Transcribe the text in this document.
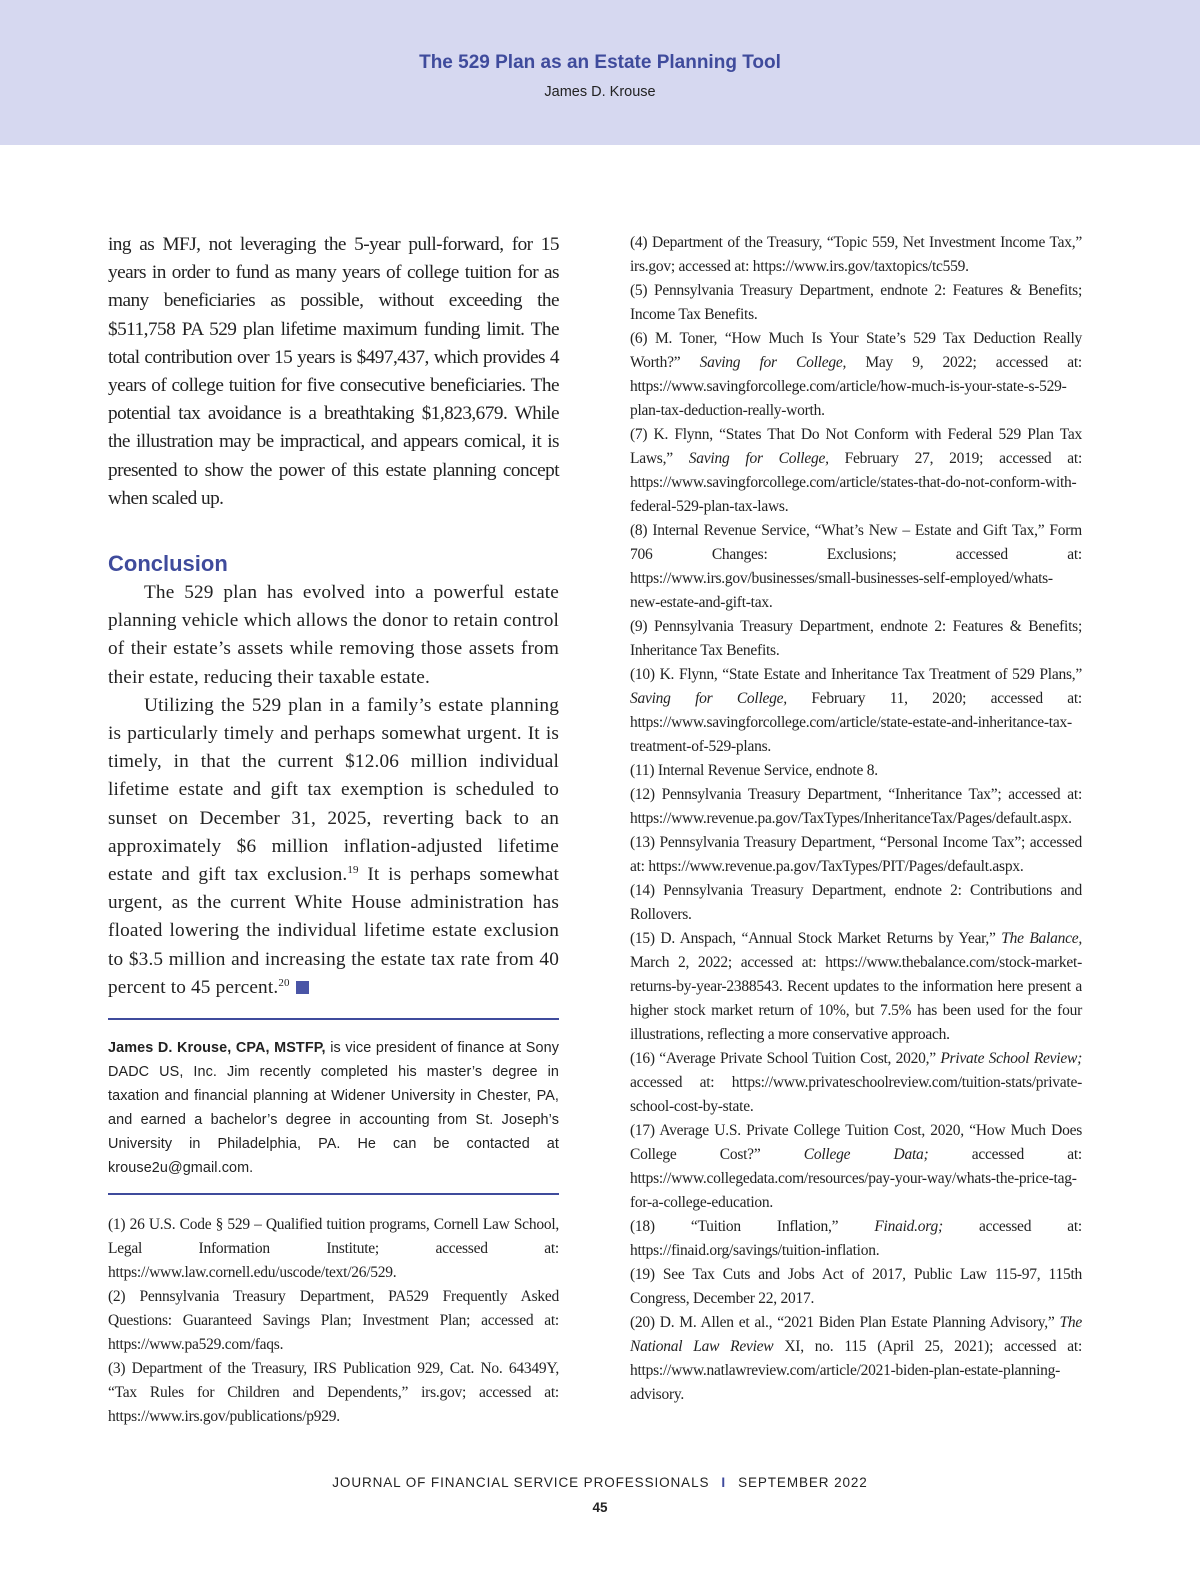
The 529 Plan as an Estate Planning Tool
James D. Krouse

ing as MFJ, not leveraging the 5-year pull-forward, for 15 years in order to fund as many years of college tuition for as many beneficiaries as possible, without exceeding the $511,758 PA 529 plan lifetime maximum funding limit. The total contribution over 15 years is $497,437, which provides 4 years of college tuition for five consecutive beneficiaries. The potential tax avoidance is a breathtaking $1,823,679. While the illustration may be impractical, and appears comical, it is presented to show the power of this estate planning concept when scaled up.

Conclusion

The 529 plan has evolved into a powerful estate planning vehicle which allows the donor to retain control of their estate’s assets while removing those assets from their estate, reducing their taxable estate.

Utilizing the 529 plan in a family’s estate planning is particularly timely and perhaps somewhat urgent. It is timely, in that the current $12.06 million individual lifetime estate and gift tax exemption is scheduled to sunset on December 31, 2025, reverting back to an approximately $6 million inflation-adjusted lifetime estate and gift tax exclusion.$^{19}$ It is perhaps somewhat urgent, as the current White House administration has floated lowering the individual lifetime estate exclusion to $3.5 million and increasing the estate tax rate from 40 percent to 45 percent.$^{20}$

James D. Krouse, CPA, MSTFP, is vice president of finance at Sony DADC US, Inc. Jim recently completed his master’s degree in taxation and financial planning at Widener University in Chester, PA, and earned a bachelor’s degree in accounting from St. Joseph’s University in Philadelphia, PA. He can be contacted at krouse2u@gmail.com.

(1) 26 U.S. Code § 529 – Qualified tuition programs, Cornell Law School, Legal Information Institute; accessed at: https://www.law.cornell.edu/uscode/text/26/529.

(2) Pennsylvania Treasury Department, PA529 Frequently Asked Questions: Guaranteed Savings Plan; Investment Plan; accessed at: https://www.pa529.com/faqs.

(3) Department of the Treasury, IRS Publication 929, Cat. No. 64349Y, “Tax Rules for Children and Dependents,” irs.gov; accessed at: https://www.irs.gov/publications/p929.

(4) Department of the Treasury, “Topic 559, Net Investment Income Tax,” irs.gov; accessed at: https://www.irs.gov/taxtopics/tc559.

(5) Pennsylvania Treasury Department, endnote 2: Features & Benefits; Income Tax Benefits.

(6) M. Toner, “How Much Is Your State’s 529 Tax Deduction Really Worth?” Saving for College, May 9, 2022; accessed at: https://www.savingforcollege.com/article/how-much-is-your-state-s-529-plan-tax-deduction-really-worth.

(7) K. Flynn, “States That Do Not Conform with Federal 529 Plan Tax Laws,” Saving for College, February 27, 2019; accessed at: https://www.savingforcollege.com/article/states-that-do-not-conform-with-federal-529-plan-tax-laws.

(8) Internal Revenue Service, “What’s New – Estate and Gift Tax,” Form 706 Changes: Exclusions; accessed at: https://www.irs.gov/businesses/small-businesses-self-employed/whats-new-estate-and-gift-tax.

(9) Pennsylvania Treasury Department, endnote 2: Features & Benefits; Inheritance Tax Benefits.

(10) K. Flynn, “State Estate and Inheritance Tax Treatment of 529 Plans,” Saving for College, February 11, 2020; accessed at: https://www.savingforcollege.com/article/state-estate-and-inheritance-tax-treatment-of-529-plans.

(11) Internal Revenue Service, endnote 8.

(12) Pennsylvania Treasury Department, “Inheritance Tax”; accessed at: https://www.revenue.pa.gov/TaxTypes/InheritanceTax/Pages/default.aspx.

(13) Pennsylvania Treasury Department, “Personal Income Tax”; accessed at: https://www.revenue.pa.gov/TaxTypes/PIT/Pages/default.aspx.

(14) Pennsylvania Treasury Department, endnote 2: Contributions and Rollovers.

(15) D. Anspach, “Annual Stock Market Returns by Year,” The Balance, March 2, 2022; accessed at: https://www.thebalance.com/stock-market-returns-by-year-2388543. Recent updates to the information here present a higher stock market return of 10%, but 7.5% has been used for the four illustrations, reflecting a more conservative approach.

(16) “Average Private School Tuition Cost, 2020,” Private School Review; accessed at: https://www.privateschoolreview.com/tuition-stats/private-school-cost-by-state.

(17) Average U.S. Private College Tuition Cost, 2020, “How Much Does College Cost?” College Data; accessed at: https://www.collegedata.com/resources/pay-your-way/whats-the-price-tag-for-a-college-education.

(18) “Tuition Inflation,” Finaid.org; accessed at: https://finaid.org/savings/tuition-inflation.

(19) See Tax Cuts and Jobs Act of 2017, Public Law 115-97, 115th Congress, December 22, 2017.

(20) D. M. Allen et al., “2021 Biden Plan Estate Planning Advisory,” The National Law Review XI, no. 115 (April 25, 2021); accessed at: https://www.natlawreview.com/article/2021-biden-plan-estate-planning-advisory.

JOURNAL OF FINANCIAL SERVICE PROFESSIONALS I SEPTEMBER 2022
45
